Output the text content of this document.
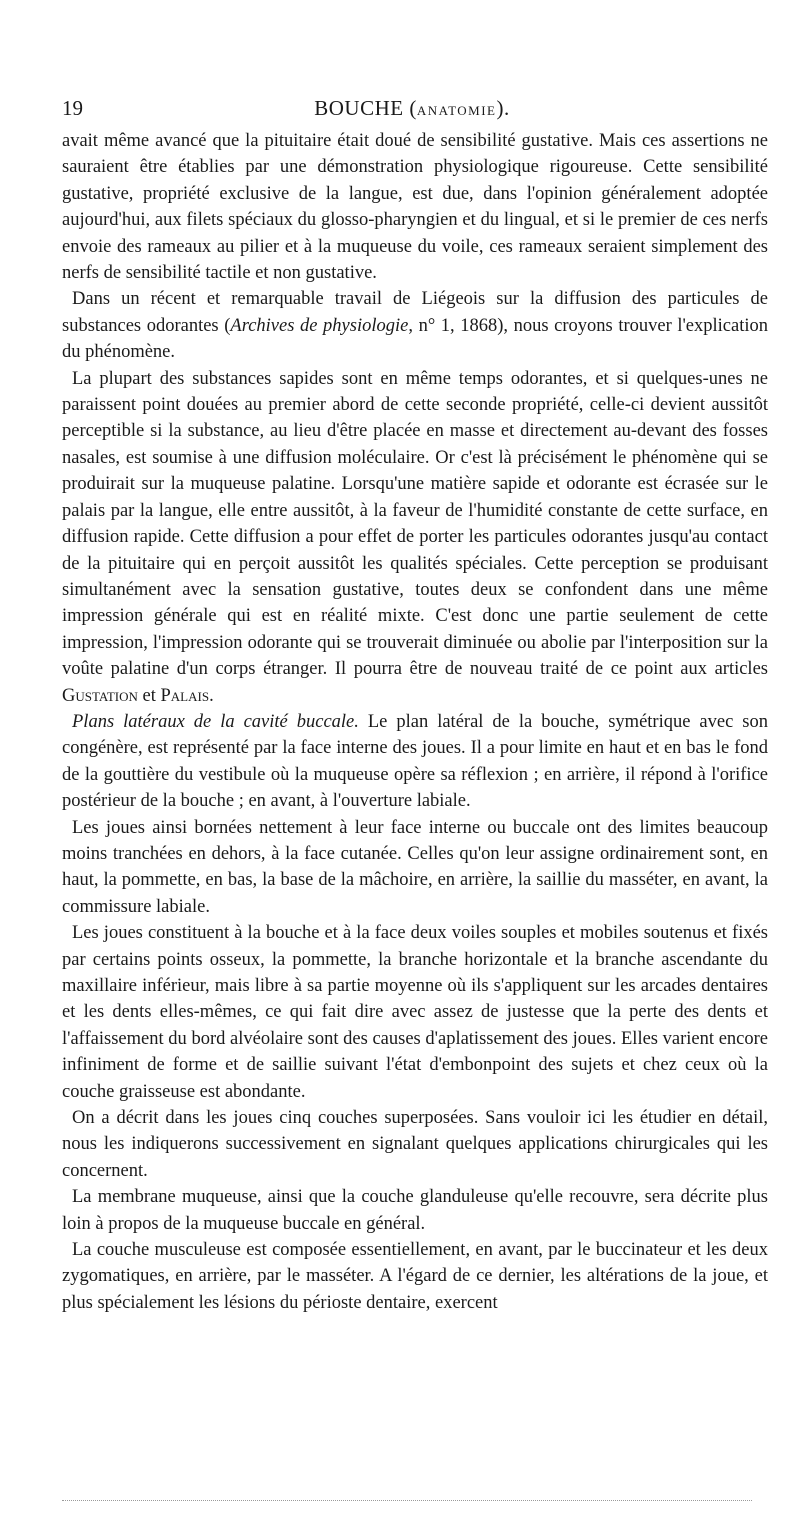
19	BOUCHE (ANATOMIE).

avait même avancé que la pituitaire était doué de sensibilité gustative. Mais ces assertions ne sauraient être établies par une démonstration physiologique rigoureuse. Cette sensibilité gustative, propriété exclusive de la langue, est due, dans l'opinion généralement adoptée aujourd'hui, aux filets spéciaux du glosso-pharyngien et du lingual, et si le premier de ces nerfs envoie des rameaux au pilier et à la muqueuse du voile, ces rameaux seraient simplement des nerfs de sensibilité tactile et non gustative.

Dans un récent et remarquable travail de Liégeois sur la diffusion des particules de substances odorantes (Archives de physiologie, n° 1, 1868), nous croyons trouver l'explication du phénomène.

La plupart des substances sapides sont en même temps odorantes, et si quelques-unes ne paraissent point douées au premier abord de cette seconde propriété, celle-ci devient aussitôt perceptible si la substance, au lieu d'être placée en masse et directement au-devant des fosses nasales, est soumise à une diffusion moléculaire. Or c'est là précisément le phénomène qui se produirait sur la muqueuse palatine. Lorsqu'une matière sapide et odorante est écrasée sur le palais par la langue, elle entre aussitôt, à la faveur de l'humidité constante de cette surface, en diffusion rapide. Cette diffusion a pour effet de porter les particules odorantes jusqu'au contact de la pituitaire qui en perçoit aussitôt les qualités spéciales. Cette perception se produisant simultanément avec la sensation gustative, toutes deux se confondent dans une même impression générale qui est en réalité mixte. C'est donc une partie seulement de cette impression, l'impression odorante qui se trouverait diminuée ou abolie par l'interposition sur la voûte palatine d'un corps étranger. Il pourra être de nouveau traité de ce point aux articles Gustation et Palais.

Plans latéraux de la cavité buccale. Le plan latéral de la bouche, symétrique avec son congénère, est représenté par la face interne des joues. Il a pour limite en haut et en bas le fond de la gouttière du vestibule où la muqueuse opère sa réflexion ; en arrière, il répond à l'orifice postérieur de la bouche ; en avant, à l'ouverture labiale.

Les joues ainsi bornées nettement à leur face interne ou buccale ont des limites beaucoup moins tranchées en dehors, à la face cutanée. Celles qu'on leur assigne ordinairement sont, en haut, la pommette, en bas, la base de la mâchoire, en arrière, la saillie du masséter, en avant, la commissure labiale.

Les joues constituent à la bouche et à la face deux voiles souples et mobiles soutenus et fixés par certains points osseux, la pommette, la branche horizontale et la branche ascendante du maxillaire inférieur, mais libre à sa partie moyenne où ils s'appliquent sur les arcades dentaires et les dents elles-mêmes, ce qui fait dire avec assez de justesse que la perte des dents et l'affaissement du bord alvéolaire sont des causes d'aplatissement des joues. Elles varient encore infiniment de forme et de saillie suivant l'état d'embonpoint des sujets et chez ceux où la couche graisseuse est abondante.

On a décrit dans les joues cinq couches superposées. Sans vouloir ici les étudier en détail, nous les indiquerons successivement en signalant quelques applications chirurgicales qui les concernent.

La membrane muqueuse, ainsi que la couche glanduleuse qu'elle recouvre, sera décrite plus loin à propos de la muqueuse buccale en général.

La couche musculeuse est composée essentiellement, en avant, par le buccinateur et les deux zygomatiques, en arrière, par le masséter. A l'égard de ce dernier, les altérations de la joue, et plus spécialement les lésions du périoste dentaire, exercent
